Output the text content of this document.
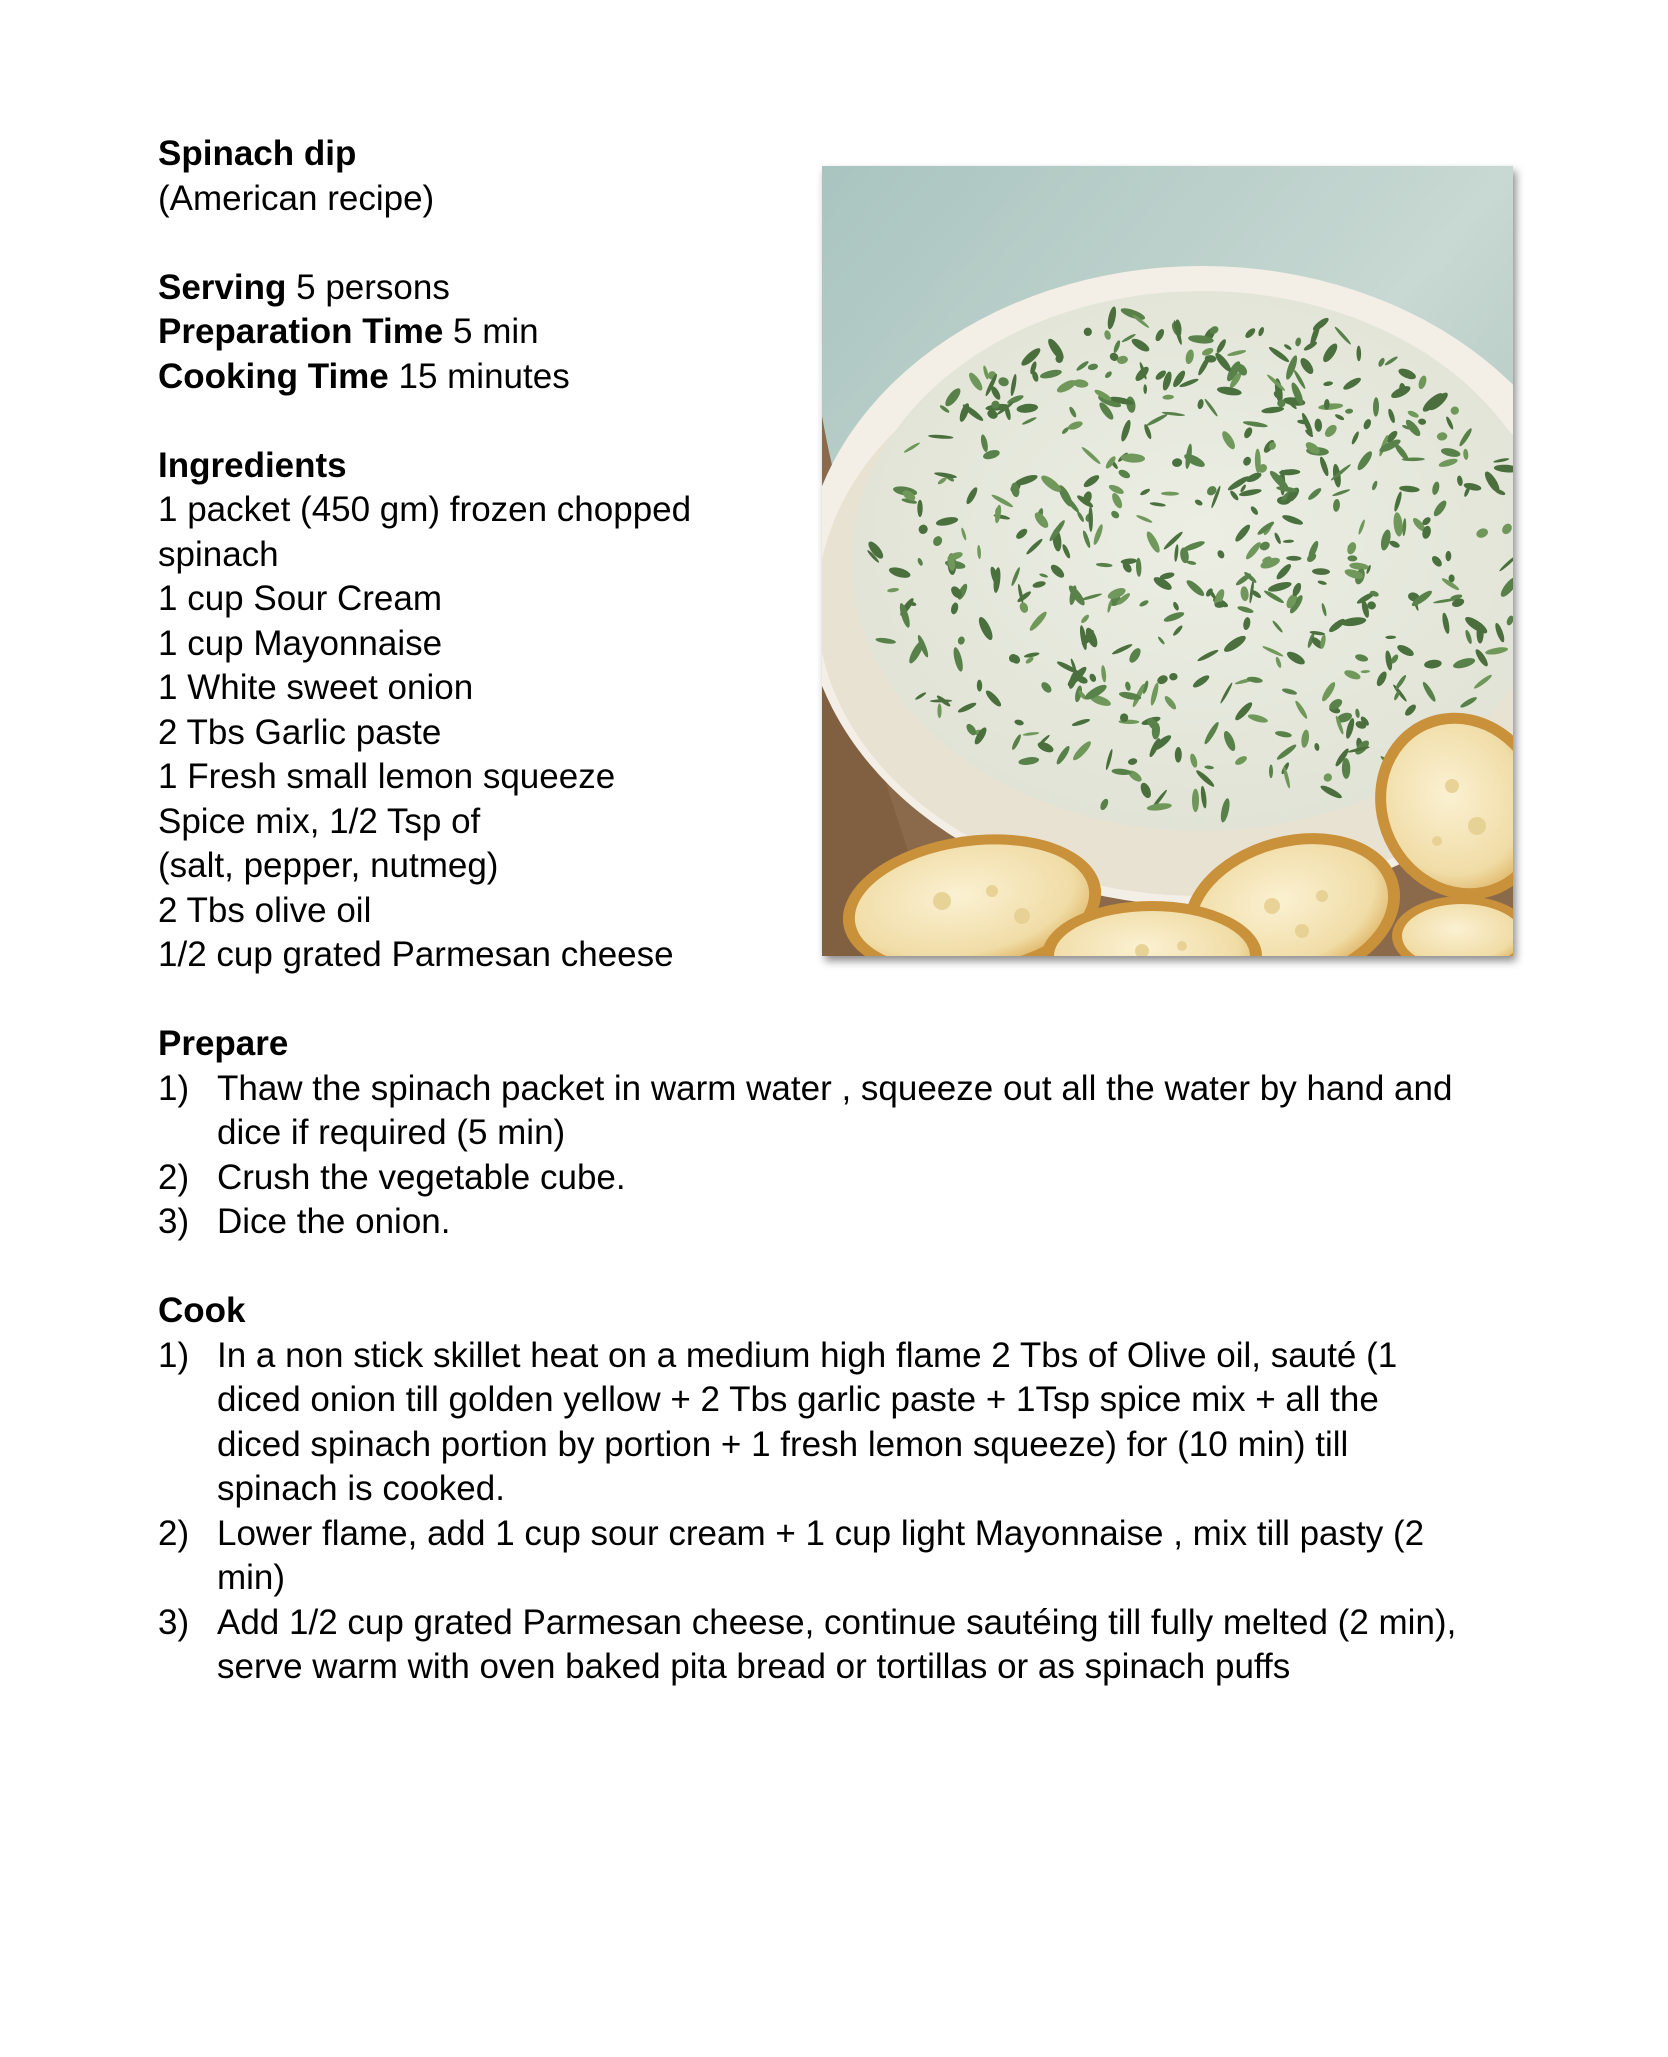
Spinach dip
(American recipe)
Serving 5 persons
Preparation Time 5 min
Cooking Time 15 minutes
Ingredients
1 packet (450 gm) frozen chopped
spinach
1 cup Sour Cream
1 cup Mayonnaise
1 White sweet onion
2 Tbs Garlic paste
1 Fresh small lemon squeeze
Spice mix, 1/2 Tsp of
(salt, pepper, nutmeg)
2 Tbs olive oil
1/2 cup grated Parmesan cheese
Prepare
1) Thaw the spinach packet in warm water , squeeze out all the water by hand and
dice if required (5 min)
2) Crush the vegetable cube.
3) Dice the onion.
Cook
1) In a non stick skillet heat on a medium high flame 2 Tbs of Olive oil, sauté (1
diced onion till golden yellow + 2 Tbs garlic paste + 1Tsp spice mix + all the
diced spinach portion by portion + 1 fresh lemon squeeze) for (10 min) till
spinach is cooked.
2) Lower flame, add 1 cup sour cream + 1 cup light Mayonnaise , mix till pasty (2
min)
3) Add 1/2 cup grated Parmesan cheese, continue sautéing till fully melted (2 min),
serve warm with oven baked pita bread or tortillas or as spinach puffs
